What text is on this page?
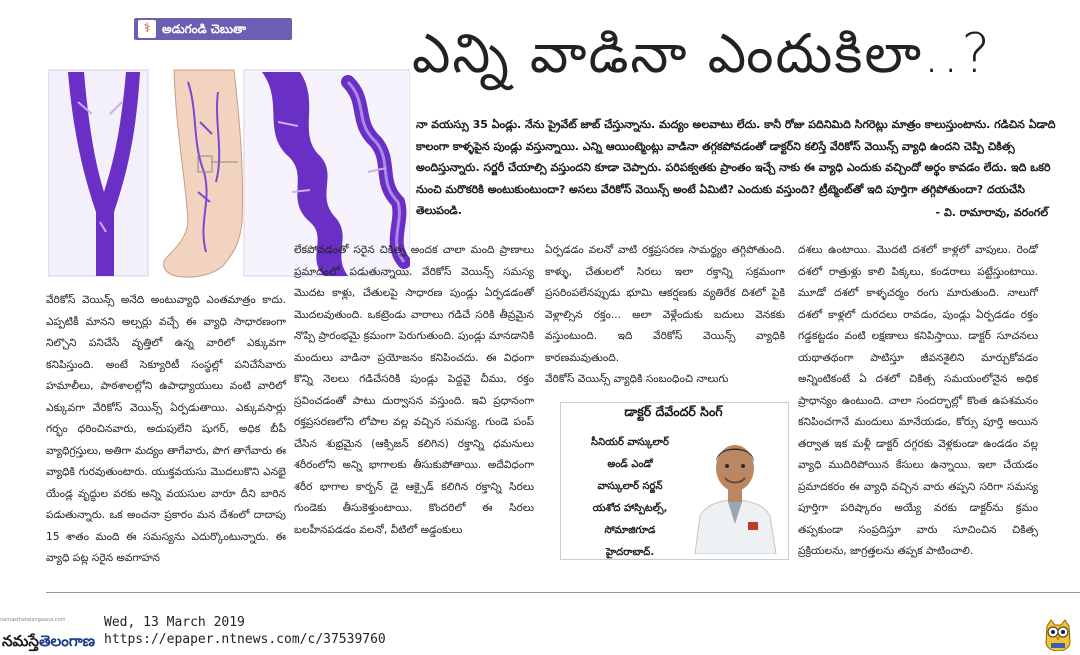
⚕ అడుగండి చెబుతా	ఎన్ని వాడినా ఎందుకిలా..?
నా వయస్సు 35 ఏండ్లు. నేను ప్రైవేట్ జాబ్ చేస్తున్నాను. మద్యం అలవాటు లేదు. కానీ రోజు పదినిమిది సిగరెట్లు మాత్రం కాలుస్తుంటాను. గడిచిన ఏడాది కాలంగా కాళ్ళపైన పుండ్లు వస్తున్నాయి. ఎన్ని ఆయింట్మెంట్లు వాడినా తగ్గకపోవడంతో డాక్టర్‌ని కలిస్తే వేరికోస్ వెయిన్స్ వ్యాధి ఉందని చెప్పి చికిత్స అందిస్తున్నారు. సర్జరీ చేయాల్సి వస్తుందని కూడా చెప్పారు. పరిపక్వతకు ప్రాంతం ఇచ్చే నాకు ఈ వ్యాధి ఎందుకు వచ్చిందో అర్థం కావడం లేదు. ఇది ఒకరి నుంచి మరొకరికి అంటుకుంటుందా? అసలు వేరికోస్ వెయిన్స్ అంటే ఏమిటి? ఎందుకు వస్తుంది? ట్రీట్మెంట్‌తో ఇది పూర్తిగా తగ్గిపోతుందా? దయచేసి తెలుపండి.	- వి. రామారావు, వరంగల్

వేరికోస్ వెయిన్స్ అనేది అంటువ్యాధి ఎంతమాత్రం కాదు. ఎప్పటికీ మానని అల్సర్లు వచ్చే ఈ వ్యాధి సాధారణంగా నిల్చొని పనిచేసే వృత్తిలో ఉన్న వారిలో ఎక్కువగా కనిపిస్తుంది. అంటే సెక్యూరిటీ సంస్థల్లో పనిచేసేవారు హమాలీలు, పాఠశాలల్లోని ఉపాధ్యాయులు వంటి వారిలో ఎక్కువగా వేరికోస్ వెయిన్స్ ఏర్పడుతాయి. ఎక్కువసార్లు గర్భం ధరించినవారు, అదుపులేని షుగర్, అధిక బీపీ వ్యాధిగ్రస్తులు, అతిగా మద్యం తాగేవారు, పొగ తాగేవారు ఈ వ్యాధికి గురవుతుంటారు. యుక్తవయసు మొదలుకొని ఎనభై యేండ్ల వృద్ధుల వరకు అన్ని వయసుల వారూ దీని బారిన పడుతున్నారు. ఒక అంచనా ప్రకారం మన దేశంలో దాదాపు 15 శాతం మంది ఈ సమస్యను ఎదుర్కొంటున్నారు. ఈ వ్యాధి పట్ల సరైన అవగాహన

లేకపోవడంతో సరైన చికిత్స అందక చాలా మంది ప్రాణాలు ప్రమాదంలో పడుతున్నాయి. వేరికోస్ వెయిన్స్ సమస్య మొదట కాళ్లు, చేతులపై సాధారణ పుండ్లు ఏర్పడడంతో మొదలవుతుంది. ఒకట్రెండు వారాలు గడిచే సరికి తీవ్రమైన నొప్పి ప్రారంభమై క్రమంగా పెరుగుతుంది. పుండ్లు మానడానికి మందులు వాడినా ప్రయోజనం కనిపించదు. ఈ విధంగా కొన్ని నెలలు గడిచేసరికి పుండ్లు పెద్దవై చీము, రక్తం స్రవించడంతో పాటు దుర్వాసన వస్తుంది. ఇవి ప్రధానంగా రక్తప్రసరణలోని లోపాల వల్ల వచ్చిన సమస్య. గుండె పంప్ చేసిన శుభ్రమైన (ఆక్సిజన్ కలిగిన) రక్తాన్ని ధమనులు శరీరంలోని అన్ని భాగాలకు తీసుకుపోతాయి. అదేవిధంగా శరీర భాగాల కార్బన్ డై ఆక్సైడ్ కలిగిన రక్తాన్ని సిరలు గుండెకు తీసుకెళ్తుంటాయి. కొందరిలో ఈ సిరలు బలహీనపడడం వలనో, వీటిలో అడ్డంకులు

ఏర్పడడం వలనో వాటి రక్తప్రసరణ సామర్థ్యం తగ్గిపోతుంది. కాళ్ళు, చేతులలో సిరలు ఇలా రక్తాన్ని సక్రమంగా ప్రసరింపలేనప్పుడు భూమి ఆకర్షణకు వ్యతిరేక దిశలో పైకి వెళ్లాల్సిన రక్తం... అలా వెళ్లేందుకు బదులు వెనకకు వస్తుంటుంది. ఇది వేరికోస్ వెయిన్స్ వ్యాధికి కారణమవుతుంది.

వేరికోస్ వెయిన్స్ వ్యాధికి సంబంధించి నాలుగు

దశలు ఉంటాయి. మొదటి దశలో కాళ్లలో వాపులు. రెండో దశలో రాత్రుళ్లు కాలి పిక్కలు, కండరాలు పట్టేస్తుంటాయి. మూడో దశలో కాళ్ళచర్మం రంగు మారుతుంది. నాలుగో దశలో కాళ్లలో దురదలు రావడం, పుండ్లు ఏర్పడడం రక్తం గడ్డకట్టడం వంటి లక్షణాలు కనిపిస్తాయి. డాక్టర్ సూచనలు యథాతథంగా పాటిస్తూ జీవనశైలిని మార్చుకోవడం అన్నింటికంటే ఏ దశలో చికిత్స సమయంలోనైన అధిక ప్రాధాన్యం ఉంటుంది. చాలా సందర్భాల్లో కొంత ఉపశమనం కనిపించగానే మందులు మానేయడం, కోర్సు పూర్తి అయిన తర్వాత ఇక మళ్లీ డాక్టర్ దగ్గరకు వెళ్లకుండా ఉండడం వల్ల వ్యాధి ముదిరిపోయిన కేసులు ఉన్నాయి. ఇలా చేయడం ప్రమాదకరం ఈ వ్యాధి వచ్చిన వారు తప్పని సరిగా సమస్య పూర్తిగా పరిష్కారం అయ్యే వరకు డాక్టర్‌ను క్రమం తప్పకుండా సంప్రదిస్తూ వారు సూచించిన చికిత్స ప్రక్రియలను, జాగ్రత్తలను తప్పక పాటించాలి.

డాక్టర్ దేవేందర్ సింగ్
సీనియర్ వాస్కులార్
అండ్ ఎండో
వాస్కులార్ సర్జన్
యశోద హాస్పిటల్స్,
సోమాజిగూడ
హైదరాబాద్.
namasthetelangaana.com
నమస్తేతెలంగాణ
Wed, 13 March 2019
https://epaper.ntnews.com/c/37539760
